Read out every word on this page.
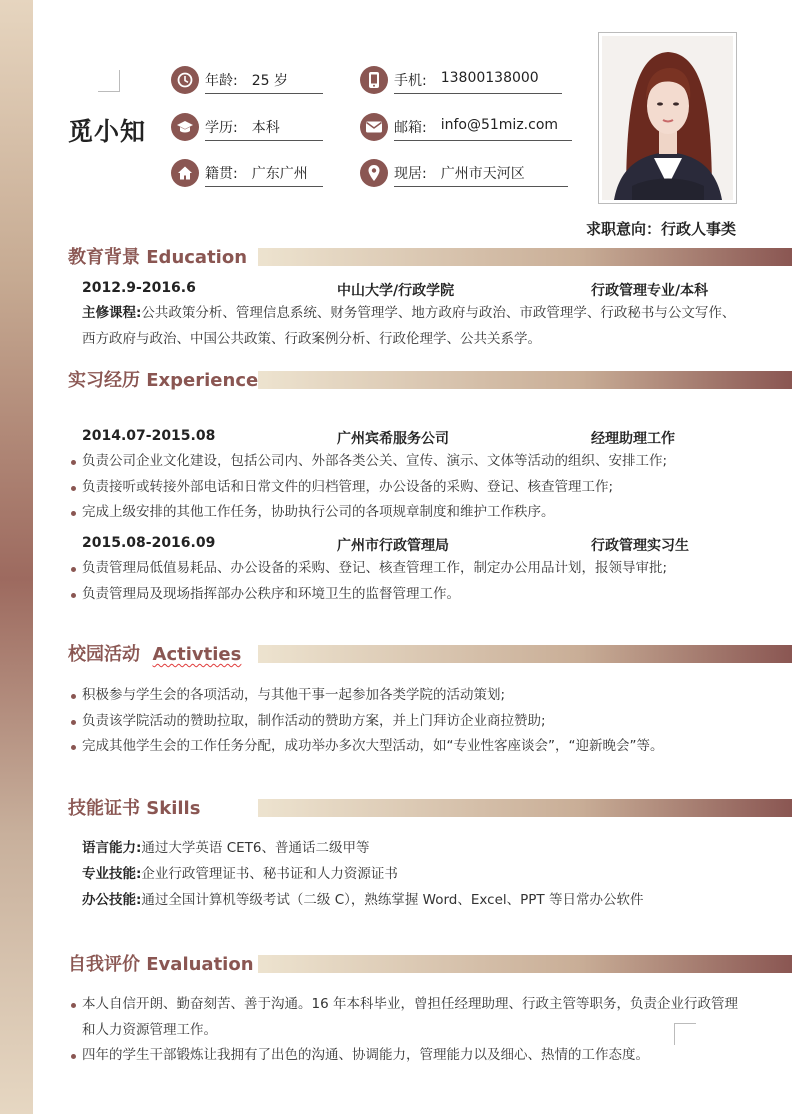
觅小知
年龄: 25 岁
学历: 本科
籍贯: 广东广州
手机: 13800138000
邮箱: info@51miz.com
现居: 广州市天河区
求职意向：行政人事类
教育背景 Education
2012.9-2016.6	中山大学/行政学院	行政管理专业/本科
主修课程:公共政策分析、管理信息系统、财务管理学、地方政府与政治、市政管理学、行政秘书与公文写作、西方政府与政治、中国公共政策、行政案例分析、行政伦理学、公共关系学。
实习经历 Experience
2014.07-2015.08	广州宾希服务公司	经理助理工作
负责公司企业文化建设，包括公司内、外部各类公关、宣传、演示、文体等活动的组织、安排工作;
负责接听或转接外部电话和日常文件的归档管理，办公设备的采购、登记、核查管理工作;
完成上级安排的其他工作任务，协助执行公司的各项规章制度和维护工作秩序。
2015.08-2016.09	广州市行政管理局	行政管理实习生
负责管理局低值易耗品、办公设备的采购、登记、核查管理工作，制定办公用品计划，报领导审批;
负责管理局及现场指挥部办公秩序和环境卫生的监督管理工作。
校园活动 Activties
积极参与学生会的各项活动，与其他干事一起参加各类学院的活动策划;
负责该学院活动的赞助拉取，制作活动的赞助方案，并上门拜访企业商拉赞助;
完成其他学生会的工作任务分配，成功举办多次大型活动，如“专业性客座谈会”，“迎新晚会”等。
技能证书 Skills
语言能力:通过大学英语 CET6、普通话二级甲等
专业技能:企业行政管理证书、秘书证和人力资源证书
办公技能:通过全国计算机等级考试（二级 C），熟练掌握 Word、Excel、PPT 等日常办公软件
自我评价 Evaluation
本人自信开朗、勤奋刻苦、善于沟通。16 年本科毕业，曾担任经理助理、行政主管等职务，负责企业行政管理和人力资源管理工作。
四年的学生干部锻炼让我拥有了出色的沟通、协调能力，管理能力以及细心、热情的工作态度。
